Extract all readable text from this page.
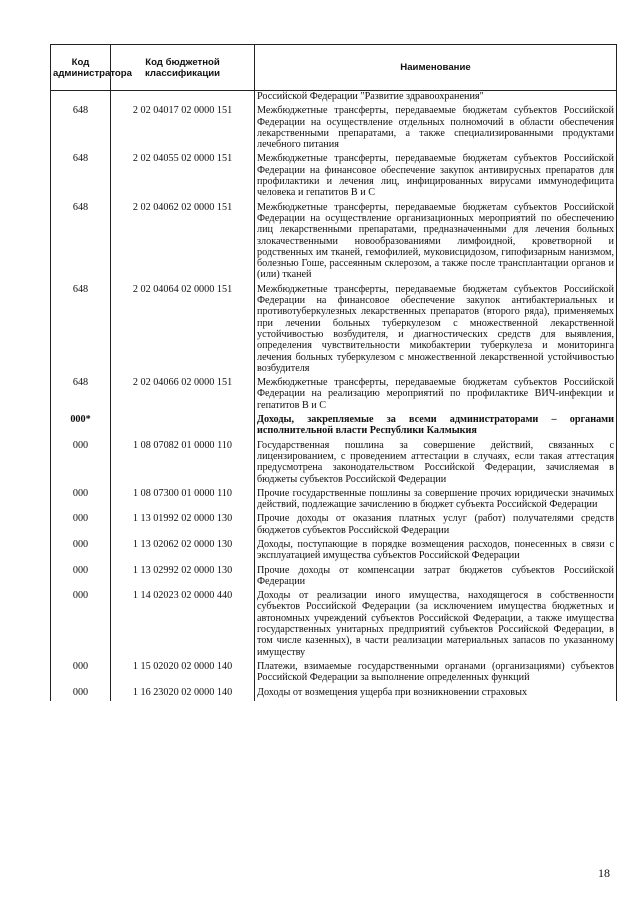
Код администратора	Код бюджетной классификации	Наименование
		Российской Федерации "Развитие здравоохранения"
648	2 02 04017 02 0000 151	Межбюджетные трансферты, передаваемые бюджетам субъектов Российской Федерации на осуществление отдельных полномочий в области обеспечения лекарственными препаратами, а также специализированными продуктами лечебного питания
648	2 02 04055 02 0000 151	Межбюджетные трансферты, передаваемые бюджетам субъектов Российской Федерации на финансовое обеспечение закупок антивирусных препаратов для профилактики и лечения лиц, инфицированных вирусами иммунодефицита человека и гепатитов В и С
648	2 02 04062 02 0000 151	Межбюджетные трансферты, передаваемые бюджетам субъектов Российской Федерации на осуществление организационных мероприятий по обеспечению лиц лекарственными препаратами, предназначенными для лечения больных злокачественными новообразованиями лимфоидной, кроветворной и родственных им тканей, гемофилией, муковисцидозом, гипофизарным нанизмом, болезнью Гоше, рассеянным склерозом, а также после трансплантации органов и (или) тканей
648	2 02 04064 02 0000 151	Межбюджетные трансферты, передаваемые бюджетам субъектов Российской Федерации на финансовое обеспечение закупок антибактериальных и противотуберкулезных лекарственных препаратов (второго ряда), применяемых при лечении больных туберкулезом с множественной лекарственной устойчивостью возбудителя, и диагностических средств для выявления, определения чувствительности микобактерии туберкулеза и мониторинга лечения больных туберкулезом с множественной лекарственной устойчивостью возбудителя
648	2 02 04066 02 0000 151	Межбюджетные трансферты, передаваемые бюджетам субъектов Российской Федерации на реализацию мероприятий по профилактике ВИЧ-инфекции и гепатитов В и С
000*		Доходы, закрепляемые за всеми администраторами – органами исполнительной власти Республики Калмыкия
000	1 08 07082 01 0000 110	Государственная пошлина за совершение действий, связанных с лицензированием, с проведением аттестации в случаях, если такая аттестация предусмотрена законодательством Российской Федерации, зачисляемая в бюджеты субъектов Российской Федерации
000	1 08 07300 01 0000 110	Прочие государственные пошлины за совершение прочих юридически значимых действий, подлежащие зачислению в бюджет субъекта Российской Федерации
000	1 13 01992 02 0000 130	Прочие доходы от оказания платных услуг (работ) получателями средств бюджетов субъектов Российской Федерации
000	1 13 02062 02 0000 130	Доходы, поступающие в порядке возмещения расходов, понесенных в связи с эксплуатацией имущества субъектов Российской Федерации
000	1 13 02992 02 0000 130	Прочие доходы от компенсации затрат бюджетов субъектов Российской Федерации
000	1 14 02023 02 0000 440	Доходы от реализации иного имущества, находящегося в собственности субъектов Российской Федерации (за исключением имущества бюджетных и автономных учреждений субъектов Российской Федерации, а также имущества государственных унитарных предприятий субъектов Российской Федерации, в том числе казенных), в части реализации материальных запасов по указанному имуществу
000	1 15 02020 02 0000 140	Платежи, взимаемые государственными органами (организациями) субъектов Российской Федерации за выполнение определенных функций
000	1 16 23020 02 0000 140	Доходы от возмещения ущерба при возникновении страховых
18
